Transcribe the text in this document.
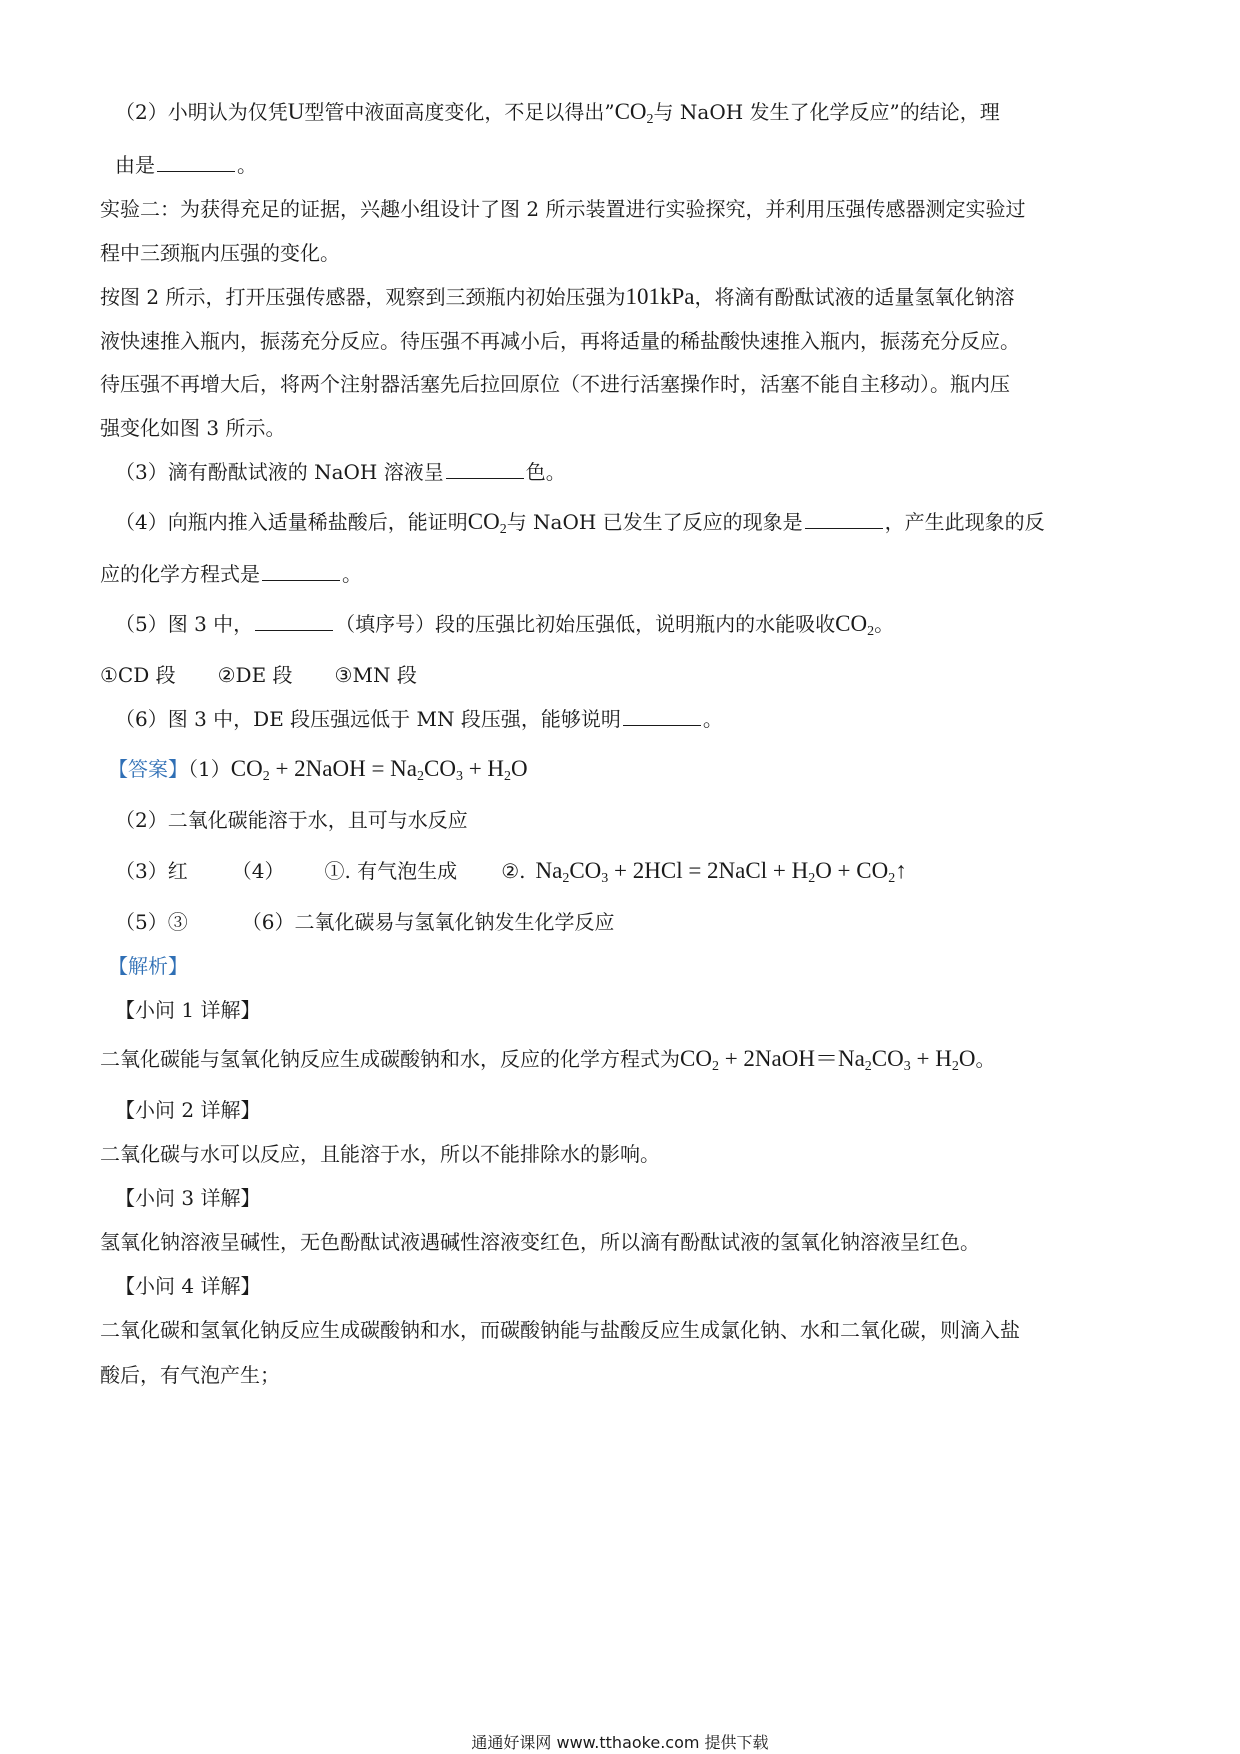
（2）小明认为仅凭U型管中液面高度变化，不足以得出$”CO_2$与 NaOH 发生了化学反应”的结论，理
由是	。
实验二：为获得充足的证据，兴趣小组设计了图 2 所示装置进行实验探究，并利用压强传感器测定实验过
程中三颈瓶内压强的变化。
按图 2 所示，打开压强传感器，观察到三颈瓶内初始压强为101kPa，将滴有酚酞试液的适量氢氧化钠溶
液快速推入瓶内，振荡充分反应。待压强不再减小后，再将适量的稀盐酸快速推入瓶内，振荡充分反应。
待压强不再增大后，将两个注射器活塞先后拉回原位（不进行活塞操作时，活塞不能自主移动）。瓶内压
强变化如图 3 所示。
（3）滴有酚酞试液的 NaOH 溶液呈	色。
（4）向瓶内推入适量稀盐酸后，能证明$CO_2$与 NaOH 已发生了反应的现象是	，产生此现象的反
应的化学方程式是	。
（5）图 3 中，	（填序号）段的压强比初始压强低，说明瓶内的水能吸收$CO_2$。
①CD 段 ②DE 段 ③MN 段
（6）图 3 中，DE 段压强远低于 MN 段压强，能够说明	。
【答案】$(1)CO_2$ + 2NaOH = $Na_2CO_3 + H_2O$
（2）二氧化碳能溶于水，且可与水反应
（3）红 （4） ①. 有气泡生成 ②. $Na_2CO_3 + 2HCl$ = 2NaCl + $H_2O$ + $CO_2↑$
（5）③	（6）二氧化碳易与氢氧化钠发生化学反应
【解析】
【小问 1 详解】
二氧化碳能与氢氧化钠反应生成碳酸钠和水，反应的化学方程式为$CO_2$ + $2NaOH=Na_2CO_3 + H_2O$。
【小问 2 详解】
二氧化碳与水可以反应，且能溶于水，所以不能排除水的影响。
【小问 3 详解】
氢氧化钠溶液呈碱性，无色酚酞试液遇碱性溶液变红色，所以滴有酚酞试液的氢氧化钠溶液呈红色。
【小问 4 详解】
二氧化碳和氢氧化钠反应生成碳酸钠和水，而碳酸钠能与盐酸反应生成氯化钠、水和二氧化碳，则滴入盐
酸后，有气泡产生；
通通好课网 www.tthaoke.com 提供下载
